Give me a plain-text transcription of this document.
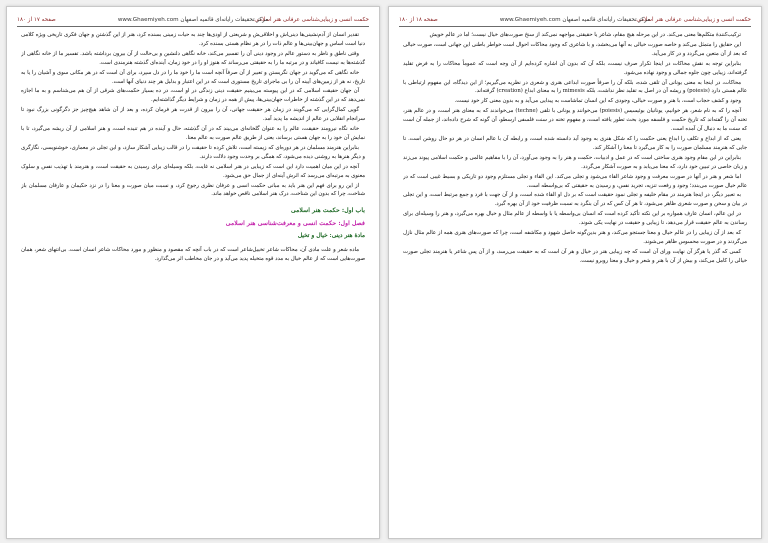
حکمت انسی و زیبایی‌شناسی عرفانی هنر اسلامی
www.Ghaemiyeh.com مرکز تحقیقات رایانه‌ای قائمیه اصفهان
صفحه ۱۷ از ۱۸۰

تقدیر انسان از آدم‌نشینی‌ها دینی‌اش و اخلاقی‌ش و شریعتی از اودی‌ها چند به حیات زمینی بسنده کرد، هنر از این گذشتن و جهان فکری تاریخی ویژه کلامی دنیا است اساس و جهان‌بینی‌ها و عالم ذات را در هر نظام هستی بسنده کرد.

وقتی ناطق و ناظر به دستور عالم در وجود دینی آن را تفسیر می‌کند، خانه نگاهی دلنشین و بی‌حالت از آن بیرون برداشته باشد. تفسیر ما از خانه نگاهی از گذشته‌ها به نیست کافیاند و در مرتبه ما را به حقیقتی می‌رساند که هنوز او را در خود زمان، آینده‌ای گذشته هنرمندی است.

خانه نگاهی که می‌گوید در جهان نگریستن و تعبیر از آن صرفاً آنچه است ما را خود ما را در دل سپرد، برای آن است که در هر مکانی سوی و آشیان را یا به تاریخ، نه هر از زمین‌های آیینه آن را بی ماجرای تاریخ مستوری است که در این اعتبار و بدلیل هر چند دنیای آنها است.

آن جهان حقیقت اسلامی که در این پیوسته می‌بینیم حقیقت دینی زندگی در او است، در ده بسیار حکمت‌های شرقی از آن هم می‌شناسم و به ما اجازه نمی‌دهد که در این گذشته از خاطرات جهان‌بینی‌ها، پیش از همه در زمان و شرایط دیگر گذاشته‌ایم.

گویی کمال‌گرایی که می‌گویند در زمان هر حقیقت جهانی، آن را بیرون از قدرت هر فرمان کرده، و بعد از آن شاهد هیچ‌چیز جز دگرگونی بزرگ نبود تا سرانجام انقلابی در عالم از اندیشه ما پدید آمد.

خانه نگاه نیرومند حقیقت، عالم را به عنوان گلخانه‌ای می‌بیند که در آن گذشته، حال و آینده در هم تنیده است، و هنر اسلامی از آن ریشه می‌گیرد، تا با نمایش آن خود را به جهان هستی برساند، یعنی از طریق عالم صورت به عالم معنا.

بنابراین هنرمند مسلمان در هر دوره‌ای که زیسته است، تلاش کرده تا حقیقت را در قالب زیبایی آشکار سازد، و این تجلی در معماری، خوشنویسی، نگارگری و دیگر هنرها به روشنی دیده می‌شود، که همگی بر وحدت وجود دلالت دارند.

آنچه در این میان اهمیت دارد این است که زیبایی در هنر اسلامی نه غایت، بلکه وسیله‌ای برای رسیدن به حقیقت است، و هنرمند با تهذیب نفس و سلوک معنوی به مرتبه‌ای می‌رسد که اثرش آینه‌ای از جمال حق می‌شود.

از این رو برای فهم این هنر باید به مبانی حکمت انسی و عرفان نظری رجوع کرد، و نسبت میان صورت و معنا را در نزد حکیمان و عارفان مسلمان باز شناخت، چرا که بدون این شناخت، درک هنر اسلامی ناقص خواهد ماند.

باب اول: حکمت هنر اسلامی
فصل اول: حکمت انسی و معرفت‌شناسی هنر اسلامی
مادهٔ هنر دینی: خیال و تخیل

ماده شعر و علت مادی آن، محاکات شاعر تخییل‌شاعر است که در باب آنچه که مقصود و منظور و مورد محاکات شاعر انسان است. بی‌انتهای شعر، همان صورت‌هایی است که از عالم خیال به مدد قوه متخیله پدید می‌آید و در جان مخاطب اثر می‌گذارد.

حکمت انسی و زیبایی‌شناسی عرفانی هنر اسلامی
www.Ghaemiyeh.com مرکز تحقیقات رایانه‌ای قائمیه اصفهان
صفحه ۱۸ از ۱۸۰

ترکیب‌کنندهٔ متکلم‌ها معنی می‌کند. در این مرحله هیچ مقام، شاعر یا حقیقتی مواجهه نمی‌کند از سنخ صورت‌های خیال نیست؛ اما در عالم خویش

این حقایق را متمثل می‌کند و خاصه صورت خیالی به آنها می‌بخشد، و با شاعری که وجود محاکات احوال است خواطر باطنی این جهانی است، صورت خیالی که بعد از آن متعین می‌گردد و در کار می‌آید.

بنابراین توجه به نقش محاکات در اینجا تکرار صرف نیست، بلکه آن که بدون آن اشاره کرده‌ایم از آن وجه است که عموماً محاکات را به فرض تقلید گرفته‌اند، زیبایی چون جلوه جمالی و وجود نهاده می‌شود.

محاکات، در اینجا به معنی یونانی آن تلقی شده، بلکه آن را صرفاً صورت ابداعی هنری و شعری در نظریه می‌گیریم؛ از این دیدگاه، این مفهوم ارتباطی با عالم هستی دارد (poiesis) و ریشه آن در اصل به تقلید نظر نداشت، بلکه mimesis را به معنای ابداع (creation) گرفته‌اند.

وجود و کشف حجاب است، با هنر و صورت خیالی، وجودی که این انسان تماشاست به پیدایی می‌آید و به بدون معنی کار خود نیست.

آنچه را که به نام شعر، هر خوانیم، یونانیان بوئیسیس (poiesis) می‌خوانند و یونانی با تلقی (techne) می‌خواندند که به معنای هنر است، و در عالم هنر، تخنه آن را گفته‌اند که تاریخ حکمت و فلسفه مورد بحث تطور یافته است، و مفهوم تخنه در سنت فلسفی ارسطو، آن گونه که شرح داده‌اند، از جمله آن است که سنت ما به دنبال آن آمده است.

یعنی که از ابداع و تکلف را ابداع یعنی حکمت را که شکل هنری به وجود آید دانسته شده است، و رابطه آن با عالم انسان در هر دو حال روشن است. تا جایی که هنرمند مسلمان صورت را به کار می‌گیرد تا معنا را آشکار کند.

بنابراین در این مقام وجود هنری ساختی است که در عمل و ادبیات، حکمت و هنر را به وجود می‌آورد، آن را با مفاهیم عالمی و حکمت اسلامی پیوند می‌زند و زبان خاصی در تبیین خود دارد، که معنا می‌یابد و به صورت آشکار می‌گردد.

اما شعر و هنر در آنها در صورت معرفت و وجود شاعر القاء می‌شود و تجلی می‌کند. این القاء و تجلی مستلزم وجود دو تاریکی و بسیط غیبی است که در عالم خیال صورت می‌بندد؛ وجود و رفعت تنزیه، تجرید نفس، و رسیدن به حقیقتی که بی‌واسطه است.

به تعبیر دیگر، در اینجا هنرمند در مقام خلیفه و تجلی نمود حقیقت است که بر دل او القاء شده است، و از آن جهت با فرد و جمع مرتبط است، و این تجلی در بیان و سخن و صورت شعری ظاهر می‌شود، تا هر آن کس که در آن بنگرد به نسبت ظرفیت خود از آن بهره گیرد.

در این عالم، انسان عارف همواره بر این نکته تأکید کرده است که انسان بی‌واسطه یا با واسطه از عالم مثال و خیال بهره می‌گیرد، و هنر را وسیله‌ای برای رساندن به عالم حقیقت قرار می‌دهد، تا زیبایی و حقیقت در نهایت یکی شوند.

که بعد از آن زیبایی را در عالم خیال و معنا جستجو می‌کند، و هنر بدین‌گونه حاصل شهود و مکاشفه است، چرا که صورت‌های هنری همه از عالم مثال نازل می‌گردند و در صورت محسوس ظاهر می‌شوند.

کسی که گذر یا هرگز آن نهایت ورای آن است که چه زیبایی هنر در خیال و هر آن است که به حقیقت می‌رسد، و از آن پس شاعر یا هنرمند تجلی صورت خیالی را کامل می‌کند، و بیش از آن با هنر و شعر و خیال و معنا روبرو نیست.
